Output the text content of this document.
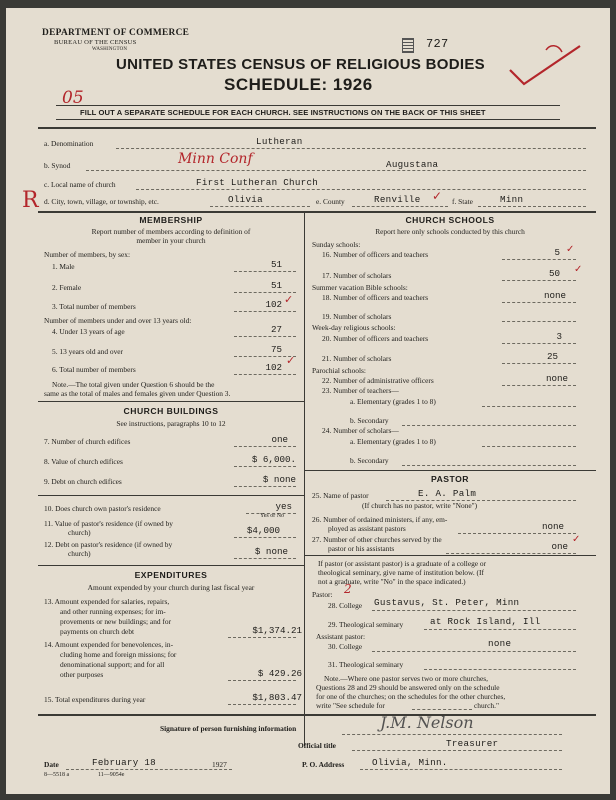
DEPARTMENT OF COMMERCE
BUREAU OF THE CENSUS
WASHINGTON
UNITED STATES CENSUS OF RELIGIOUS BODIES
SCHEDULE: 1926
727
05
FILL OUT A SEPARATE SCHEDULE FOR EACH CHURCH. SEE INSTRUCTIONS ON THE BACK OF THIS SHEET
a. Denomination	Lutheran
b. Synod	Minn Conf	Augustana
c. Local name of church	First Lutheran Church
d. City, town, village, or township, etc.	Olivia	e. County	Renville ✓ f. State	Minn
R
MEMBERSHIP
Report number of members according to definition of
member in your church
Number of members, by sex:
1. Male	51
2. Female	51
3. Total number of members	102 ✓
Number of members under and over 13 years old:
4. Under 13 years of age	27
5. 13 years old and over	75
6. Total number of members	102
✓
Note.—The total given under Question 6 should be the
same as the total of males and females given under Question 3.
CHURCH BUILDINGS
See instructions, paragraphs 10 to 12
7. Number of church edifices	one
8. Value of church edifices	$ 6,000.
9. Debt on church edifices	$ none
10. Does church own pastor's residence	yes
Yes or No
11. Value of pastor's residence (if owned by
church)	$4,000
12. Debt on pastor's residence (if owned by
church)	$ none
EXPENDITURES
Amount expended by your church during last fiscal year
13. Amount expended for salaries, repairs,
and other running expenses; for im-
provements or new buildings; and for
payments on church debt	$1,374.21
14. Amount expended for benevolences, in-
cluding home and foreign missions; for
denominational support; and for all
other purposes	$ 429.26
15. Total expenditures during year	$1,803.47
CHURCH SCHOOLS
Report here only schools conducted by this church
Sunday schools:
16. Number of officers and teachers	5 ✓
17. Number of scholars	50 ✓
Summer vacation Bible schools:
18. Number of officers and teachers	none
19. Number of scholars
Week-day religious schools:
20. Number of officers and teachers	3
21. Number of scholars	25
Parochial schools:
22. Number of administrative officers	none
23. Number of teachers—
a. Elementary (grades 1 to 8)
b. Secondary
24. Number of scholars—
a. Elementary (grades 1 to 8)
b. Secondary
PASTOR
25. Name of pastor	E. A. Palm
(If church has no pastor, write "None")
26. Number of ordained ministers, if any, em-
ployed as assistant pastors	none
27. Number of other churches served by the
pastor or his assistants	one
✓
If pastor (or assistant pastor) is a graduate of a college or
theological seminary, give name of institution below. (If
not a graduate, write "No" in the space indicated.)
Pastor: 2
28. College Gustavus, St. Peter, Minn
29. Theological seminary	at Rock Island, Ill
Assistant pastor:
30. College	none
31. Theological seminary
Note.—Where one pastor serves two or more churches,
Questions 28 and 29 should be answered only on the schedule
for one of the churches; on the schedules for the other churches,
write "See schedule for	church."
Signature of person furnishing information	J.M. Nelson
Official title	Treasurer
Date	February 18	1927	P. O. Address	Olivia, Minn.
8—5518 a	11—9054e
